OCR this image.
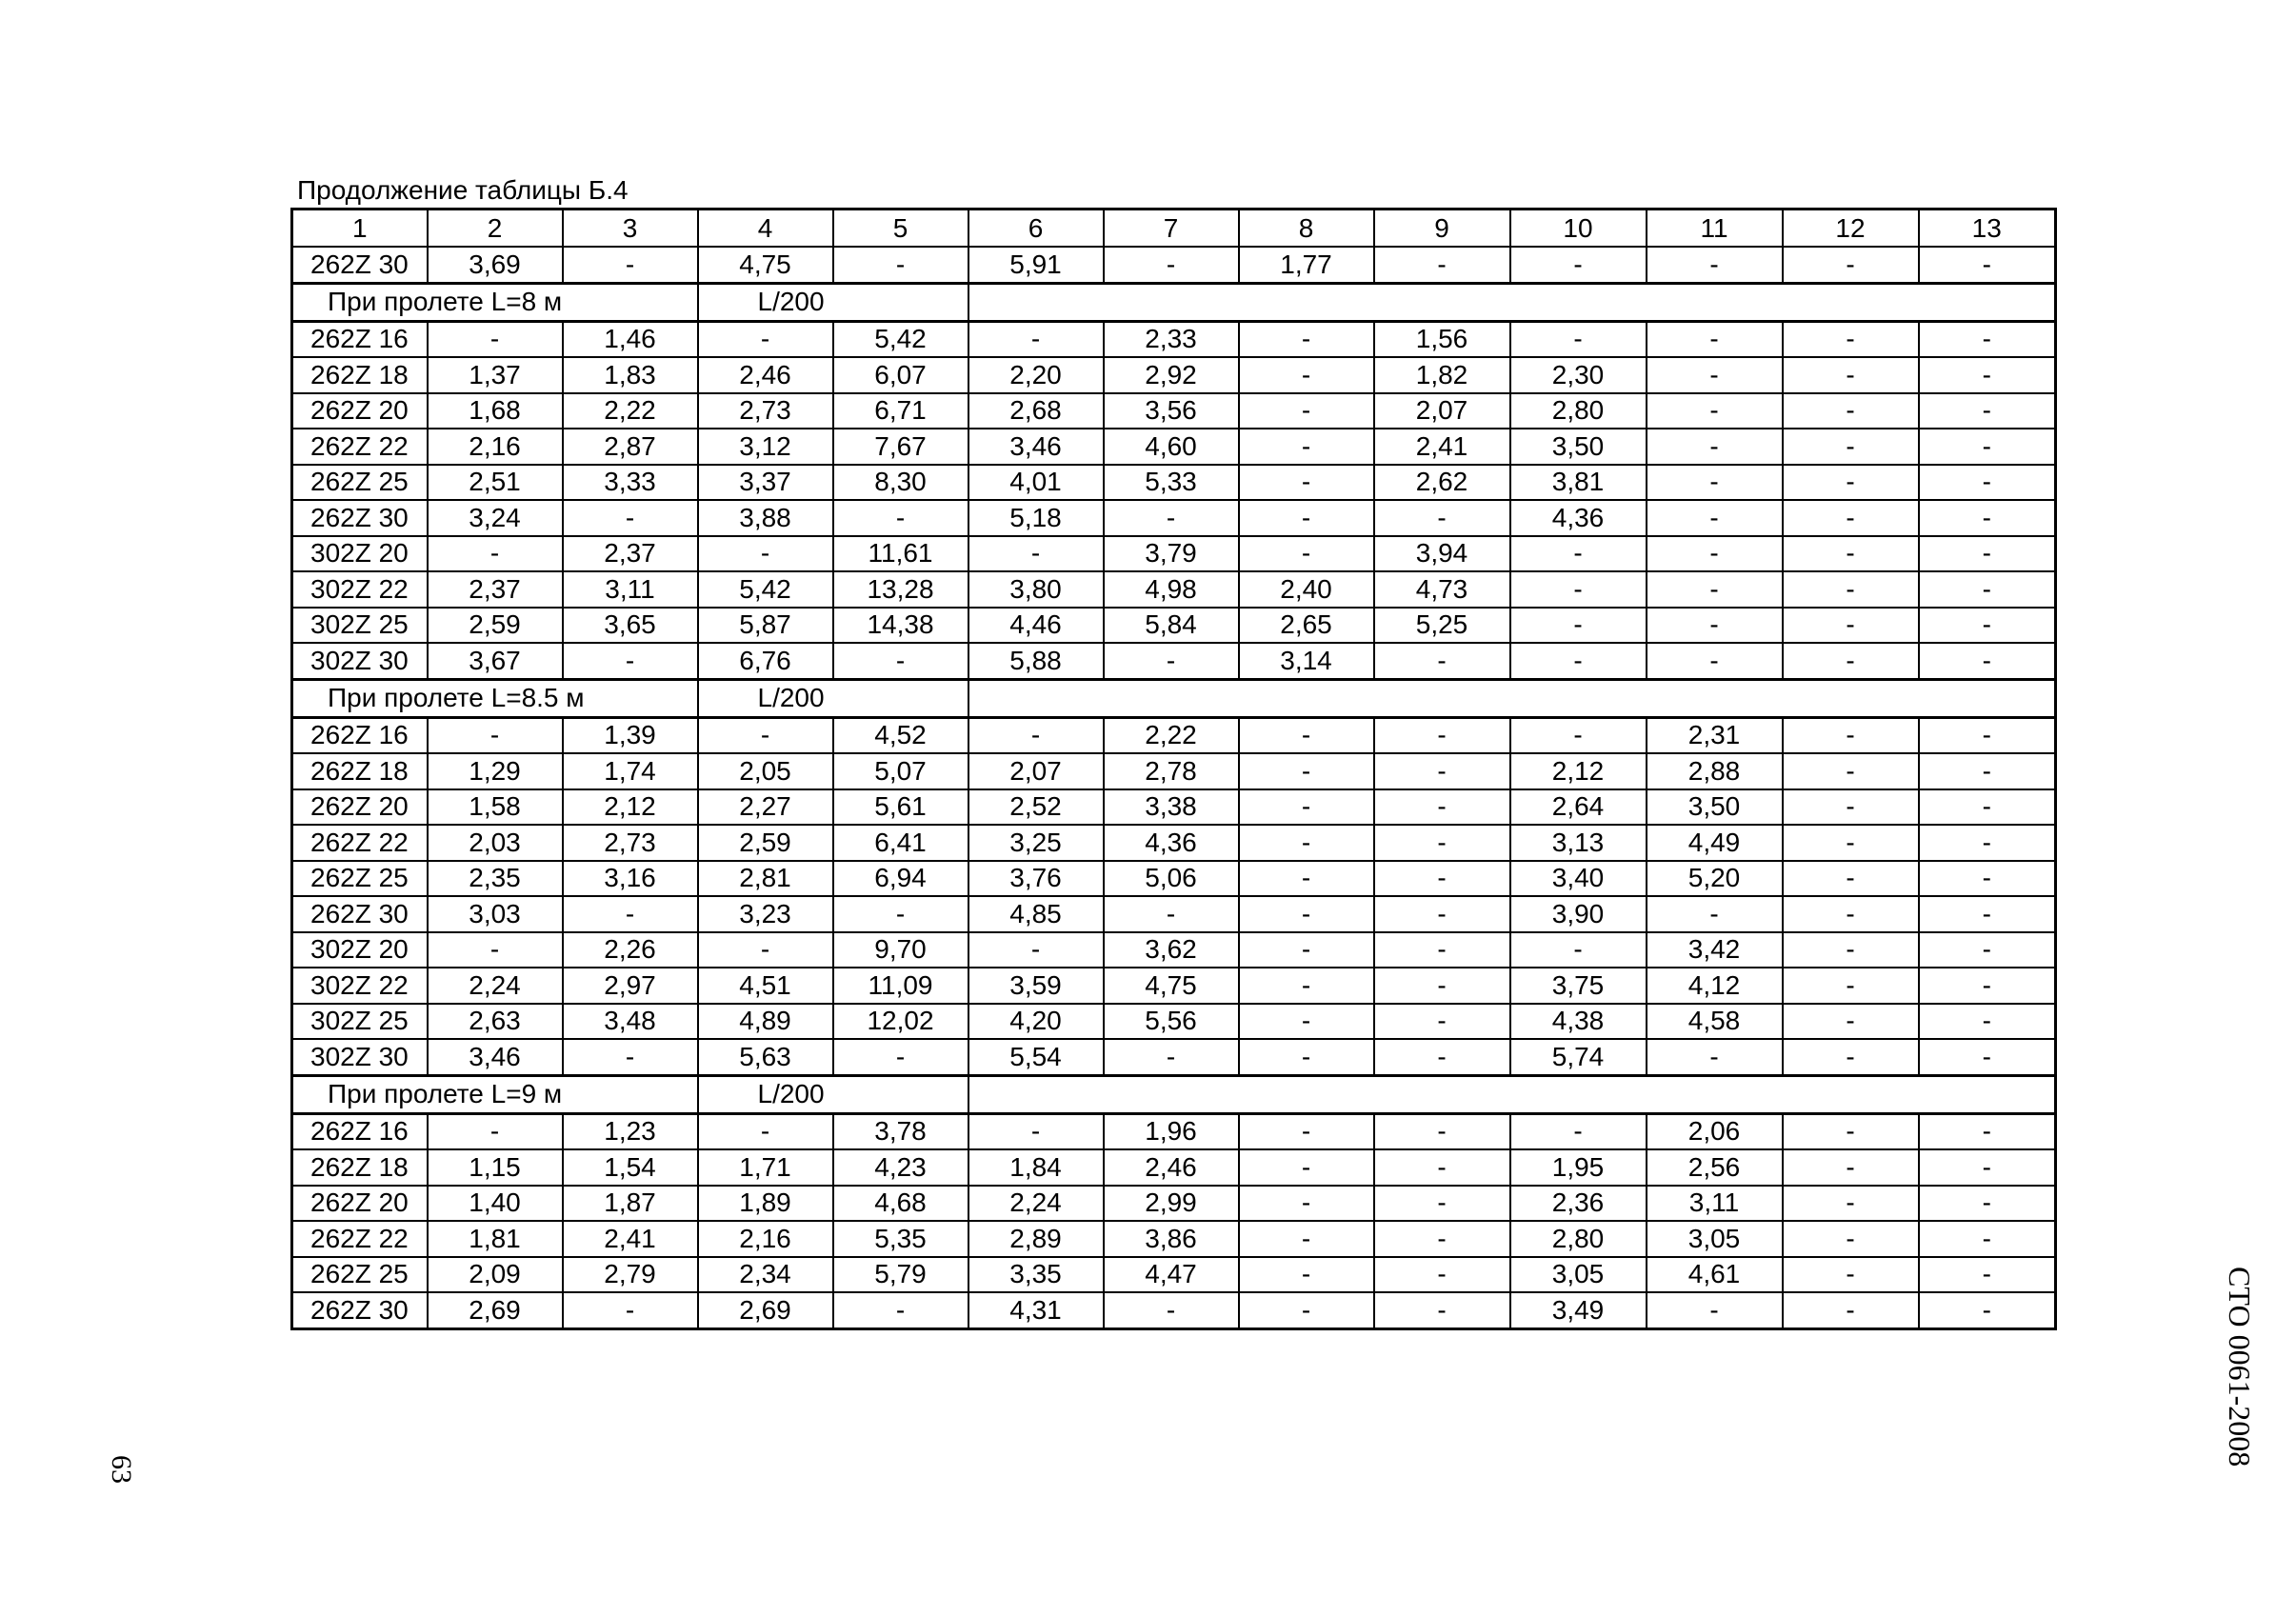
Продолжение таблицы Б.4
1	2	3	4	5	6	7	8	9	10	11	12	13
262Z 30	3,69	-	4,75	-	5,91	-	1,77	-	-	-	-	-
При пролете L=8 м			L/200									
262Z 16	-	1,46	-	5,42	-	2,33	-	1,56	-	-	-	-
262Z 18	1,37	1,83	2,46	6,07	2,20	2,92	-	1,82	2,30	-	-	-
262Z 20	1,68	2,22	2,73	6,71	2,68	3,56	-	2,07	2,80	-	-	-
262Z 22	2,16	2,87	3,12	7,67	3,46	4,60	-	2,41	3,50	-	-	-
262Z 25	2,51	3,33	3,37	8,30	4,01	5,33	-	2,62	3,81	-	-	-
262Z 30	3,24	-	3,88	-	5,18	-	-	-	4,36	-	-	-
302Z 20	-	2,37	-	11,61	-	3,79	-	3,94	-	-	-	-
302Z 22	2,37	3,11	5,42	13,28	3,80	4,98	2,40	4,73	-	-	-	-
302Z 25	2,59	3,65	5,87	14,38	4,46	5,84	2,65	5,25	-	-	-	-
302Z 30	3,67	-	6,76	-	5,88	-	3,14	-	-	-	-	-
При пролете L=8.5 м			L/200									
262Z 16	-	1,39	-	4,52	-	2,22	-	-	-	2,31	-	-
262Z 18	1,29	1,74	2,05	5,07	2,07	2,78	-	-	2,12	2,88	-	-
262Z 20	1,58	2,12	2,27	5,61	2,52	3,38	-	-	2,64	3,50	-	-
262Z 22	2,03	2,73	2,59	6,41	3,25	4,36	-	-	3,13	4,49	-	-
262Z 25	2,35	3,16	2,81	6,94	3,76	5,06	-	-	3,40	5,20	-	-
262Z 30	3,03	-	3,23	-	4,85	-	-	-	3,90	-	-	-
302Z 20	-	2,26	-	9,70	-	3,62	-	-	-	3,42	-	-
302Z 22	2,24	2,97	4,51	11,09	3,59	4,75	-	-	3,75	4,12	-	-
302Z 25	2,63	3,48	4,89	12,02	4,20	5,56	-	-	4,38	4,58	-	-
302Z 30	3,46	-	5,63	-	5,54	-	-	-	5,74	-	-	-
При пролете L=9 м			L/200									
262Z 16	-	1,23	-	3,78	-	1,96	-	-	-	2,06	-	-
262Z 18	1,15	1,54	1,71	4,23	1,84	2,46	-	-	1,95	2,56	-	-
262Z 20	1,40	1,87	1,89	4,68	2,24	2,99	-	-	2,36	3,11	-	-
262Z 22	1,81	2,41	2,16	5,35	2,89	3,86	-	-	2,80	3,05	-	-
262Z 25	2,09	2,79	2,34	5,79	3,35	4,47	-	-	3,05	4,61	-	-
262Z 30	2,69	-	2,69	-	4,31	-	-	-	3,49	-	-	-	СТО 0061-2008
63
